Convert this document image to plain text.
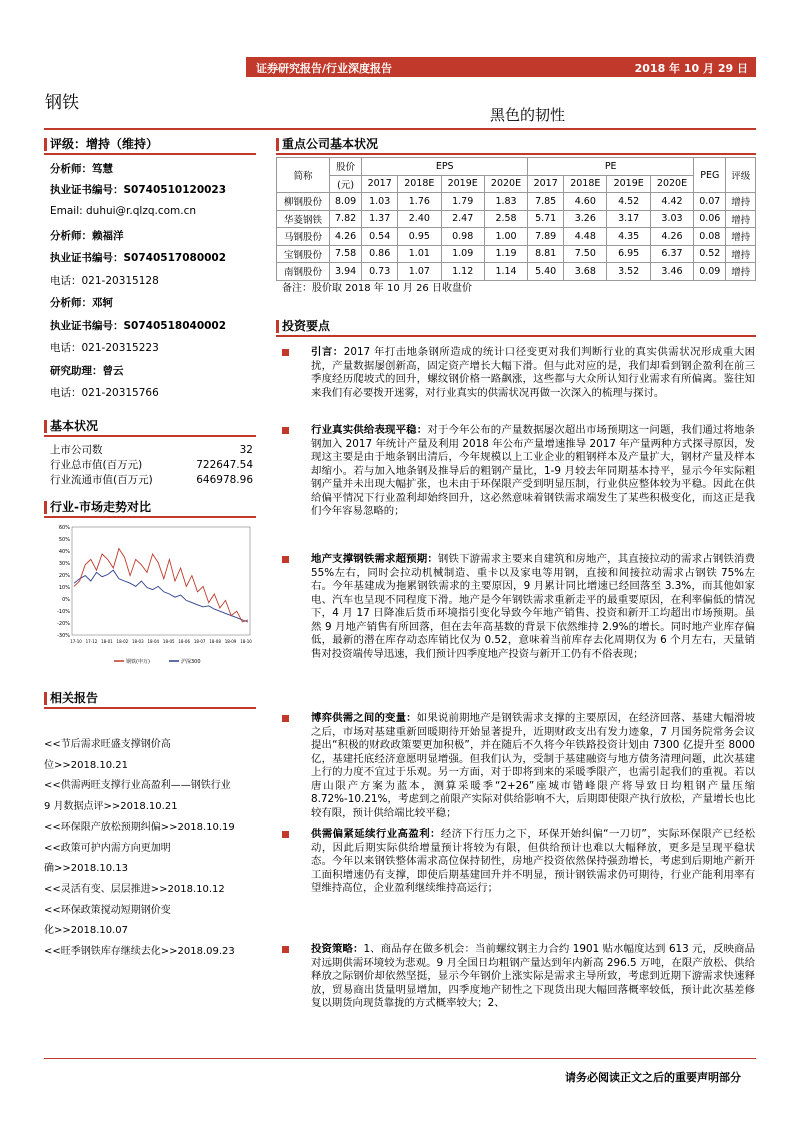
证券研究报告/行业深度报告	2018 年 10 月 29 日
钢铁
黑色的韧性
评级：增持（维持）
分析师：笃慧
执业证书编号：S0740510120023
Email: duhui@r.qlzq.com.cn
分析师：赖福洋
执业证书编号：S0740517080002
电话：021-20315128
分析师：邓轲
执业证书编号：S0740518040002
电话：021-20315223
研究助理：曾云
电话：021-20315766
基本状况
上市公司数	32
行业总市值(百万元)	722647.54
行业流通市值(百万元)	646978.96
行业-市场走势对比
60%
50%
40%
30%
20%
10%
0%
-10%
-20%
-30%
17-10 17-12 18-01 18-02 18-03 18-04 18-05 18-06 18-07 18-08 18-09 18-10
钢铁(申万)	沪深300
相关报告
<<节后需求旺盛支撑钢价高
位>>2018.10.21
<<供需两旺支撑行业高盈利——钢铁行业
9 月数据点评>>2018.10.21
<<环保限产放松预期纠偏>>2018.10.19
<<政策可护内需方向更加明
确>>2018.10.13
<<灵活有变、层层推进>>2018.10.12
<<环保政策搅动短期钢价变
化>>2018.10.07
<<旺季钢铁库存继续去化>>2018.09.23
重点公司基本状况
简称	股价	EPS				PE				PEG	评级
	(元)	2017	2018E	2019E	2020E	2017	2018E	2019E	2020E		
柳钢股份	8.09	1.03	1.76	1.79	1.83	7.85	4.60	4.52	4.42	0.07	增持
华菱钢铁	7.82	1.37	2.40	2.47	2.58	5.71	3.26	3.17	3.03	0.06	增持
马钢股份	4.26	0.54	0.95	0.98	1.00	7.89	4.48	4.35	4.26	0.08	增持
宝钢股份	7.58	0.86	1.01	1.09	1.19	8.81	7.50	6.95	6.37	0.52	增持
南钢股份	3.94	0.73	1.07	1.12	1.14	5.40	3.68	3.52	3.46	0.09	增持
备注：股价取 2018 年 10 月 26 日收盘价
投资要点
引言：2017 年打击地条钢所造成的统计口径变更对我们判断行业的真实供需状况形成重大困扰，产量数据屡创新高，固定资产增长大幅下滑。但与此对应的是，我们却看到钢企盈利在前三季度经历爬坡式的回升，螺纹钢价格一路飙涨，这些都与大众所认知行业需求有所偏离。鉴往知来我们有必要拨开迷雾，对行业真实的供需状况再做一次深入的梳理与探讨。
行业真实供给表现平稳：对于今年公布的产量数据屡次超出市场预期这一问题，我们通过将地条钢加入 2017 年统计产量及利用 2018 年公布产量增速推导 2017 年产量两种方式探寻原因，发现这主要是由于地条钢出清后，今年规模以上工业企业的粗钢样本及产量扩大，钢材产量及样本却缩小。若与加入地条钢及推导后的粗钢产量比，1-9 月较去年同期基本持平，显示今年实际粗钢产量并未出现大幅扩张，也未由于环保限产受到明显压制，行业供应整体较为平稳。因此在供给偏平情况下行业盈利却始终回升，这必然意味着钢铁需求端发生了某些积极变化，而这正是我们今年容易忽略的；
地产支撑钢铁需求超预期：钢铁下游需求主要来自建筑和房地产，其直接拉动的需求占钢铁消费 55%左右，同时会拉动机械制造、重卡以及家电等用钢，直接和间接拉动需求占钢铁 75%左右。今年基建成为拖累钢铁需求的主要原因，9 月累计同比增速已经回落至 3.3%，而其他如家电、汽车也呈现不同程度下滑。地产是今年钢铁需求重新走平的最重要原因，在利率偏低的情况下，4 月 17 日降准后货币环境指引变化导致今年地产销售、投资和新开工均超出市场预期。虽然 9 月地产销售有所回落，但在去年高基数的背景下依然维持 2.9%的增长。同时地产业库存偏低，最新的潜在库存动态库销比仅为 0.52，意味着当前库存去化周期仅为 6 个月左右，天量销售对投资端传导迅速，我们预计四季度地产投资与新开工仍有不俗表现；
博弈供需之间的变量：如果说前期地产是钢铁需求支撑的主要原因，在经济回落、基建大幅滑坡之后，市场对基建重新回暖期待开始显著提升，近期财政支出有发力迹象，7 月国务院常务会议提出“积极的财政政策要更加积极”，并在随后不久将今年铁路投资计划由 7300 亿提升至 8000 亿，基建托底经济意愿明显增强。但我们认为，受制于基建融资与地方债务清理问题，此次基建上行的力度不宜过于乐观。另一方面，对于即将到来的采暖季限产，也需引起我们的重视。若以唐山限产方案为蓝本，测算采暖季“2+26”座城市错峰限产将导致日均粗钢产量压缩 8.72%-10.21%，考虑到之前限产实际对供给影响不大，后期即使限产执行放松，产量增长也比较有限，预计供给端比较平稳；
供需偏紧延续行业高盈利：经济下行压力之下，环保开始纠偏“一刀切”，实际环保限产已经松动，因此后期实际供给增量预计将较为有限，但供给预计也难以大幅释放，更多是呈现平稳状态。今年以来钢铁整体需求高位保持韧性，房地产投资依然保持强劲增长，考虑到后期地产新开工面积增速仍有支撑，即使后期基建回升并不明显，预计钢铁需求仍可期待，行业产能利用率有望维持高位，企业盈利继续维持高运行；
投资策略：1、商品存在做多机会：当前螺纹钢主力合约 1901 贴水幅度达到 613 元，反映商品对远期供需环境较为悲观。9 月全国日均粗钢产量达到年内新高 296.5 万吨，在限产放松、供给释放之际钢价却依然坚挺，显示今年钢价上涨实际是需求主导所致，考虑到近期下游需求快速释放，贸易商出货量明显增加，四季度地产韧性之下现货出现大幅回落概率较低，预计此次基差修复以期货向现货靠拢的方式概率较大；2、
请务必阅读正文之后的重要声明部分
